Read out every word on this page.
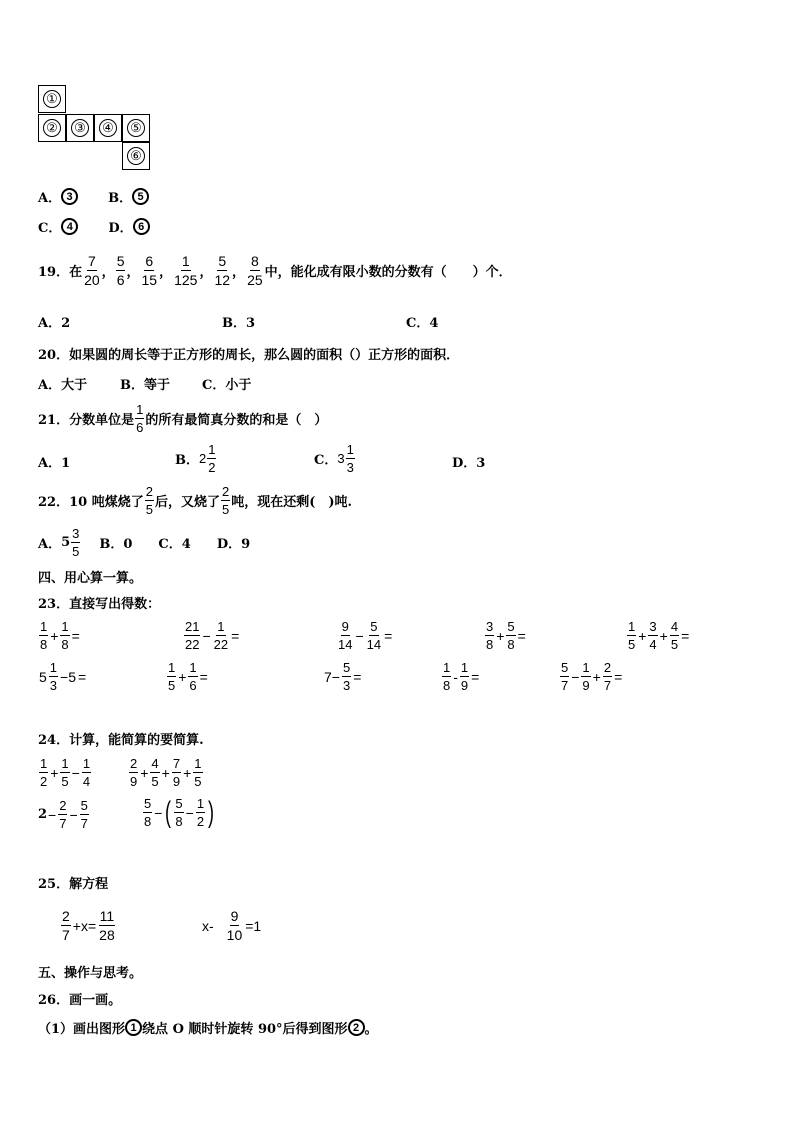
①
② ③ ④ ⑤
⑥
A． 3	B． 5
C． 4	D． 6
19．在 $\frac{7}{20}$ ， $\frac{5}{6}$ ， $\frac{6}{15}$ ， $\frac{1}{125}$ ， $\frac{5}{12}$ ， $\frac{8}{25}$ 中，能化成有限小数的分数有（　　）个．
A．2	B．3	C．4
20．如果圆的周长等于正方形的周长，那么圆的面积（）正方形的面积．
A．大于	B．等于 C．小于
21．分数单位是 $\frac{1}{6}$ 的所有最简真分数的和是（　）
A．1	B． $2 \frac{1}{2}$	C． $3 \frac{1}{3}$	D．3
22．10 吨煤烧了 $\frac{2}{5}$ 后，又烧了 $\frac{2}{5}$ 吨，现在还剩(　)吨.
A． $5 \frac{3}{5}$ B．0 C．4 D．9
四、用心算一算。
23．直接写出得数：
$\frac{1}{8} + \frac{1}{8}$ =	$\frac{21}{22} - \frac{1}{22}$ =	$\frac{9}{14} - \frac{5}{14}$ =	$\frac{3}{8} + \frac{5}{8}$ =	$\frac{1}{5} + \frac{3}{4} + \frac{4}{5}$ =
$5 \frac{1}{3} -5$ =	$\frac{1}{5} + \frac{1}{6}$ =	$7- \frac{5}{3}$ =	$\frac{1}{8} - \frac{1}{9}$ =	$\frac{5}{7} - \frac{1}{9} + \frac{2}{7}$ =
24．计算，能简算的要简算.
$\frac{1}{2} + \frac{1}{5} - \frac{1}{4}$	$\frac{2}{9} + \frac{4}{5} + \frac{7}{9} + \frac{1}{5}$
$2 - \frac{2}{7} - \frac{5}{7}$	$\frac{5}{8}$ − ( $\frac{5}{8} - \frac{1}{2}$ )
25．解方程
$\frac{2}{7} +x= \frac{11}{28}$	$x- \frac{9}{10} =1$
五、操作与思考。
26．画一画。
（1）画出图形 1 绕点 O 顺时针旋转 90°后得到图形 2 。
